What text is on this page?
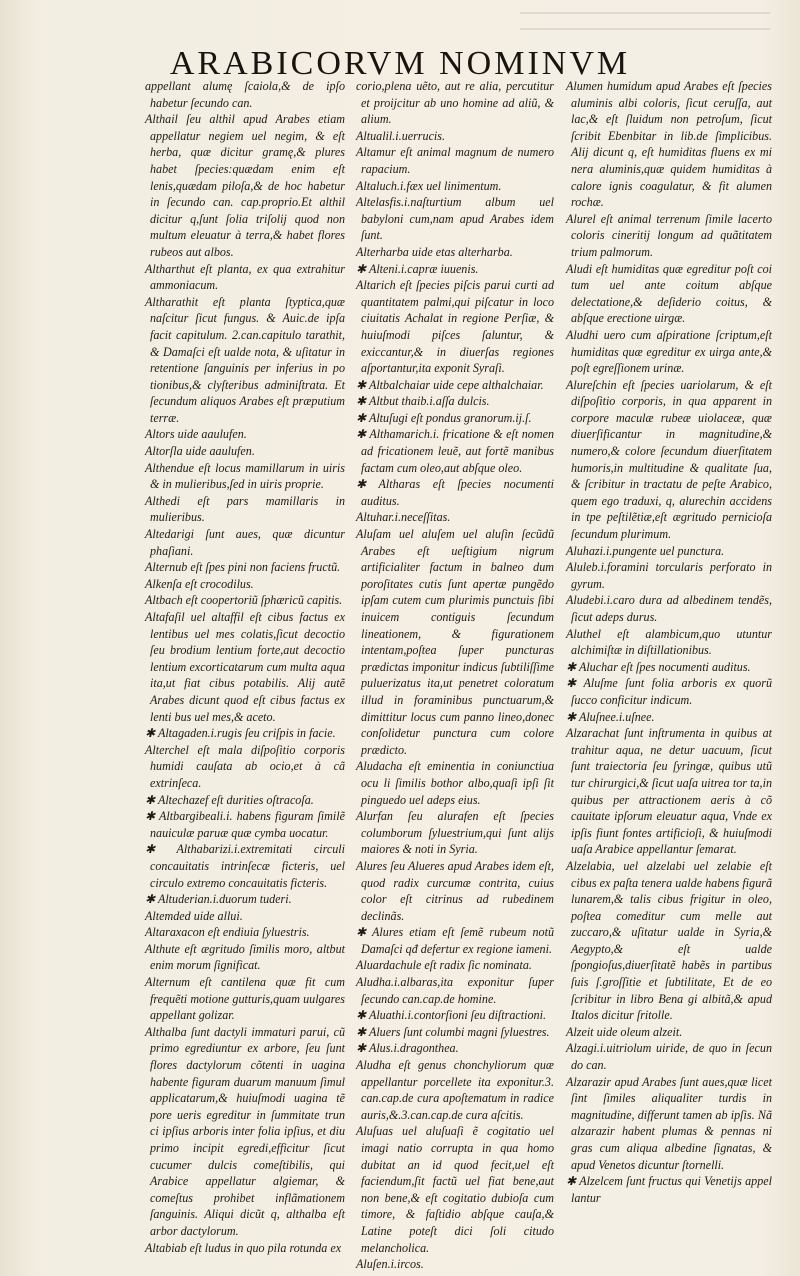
ARABICORVM NOMINVM

appellant alumę ſcaiola,& de ipſo habetur ſecundo can.

Althail ſeu althil apud Arabes etiam appellatur negiem uel negim, & eſt herba, quæ dicitur gramę,& plures habet ſpecies:quædam enim eſt lenis,quædam piloſa,& de hoc habetur in ſecundo can. cap.proprio.Et althil dicitur q,ſunt ſolia triſolij quod non multum eleuatur à terra,& habet flores rubeos aut albos.

Altharthut eſt planta, ex qua extrahitur ammoniacum.

Altharathit eſt planta ſtyptica,quæ naſcitur ſicut fungus. & Auic.de ipſa facit capitulum. 2.can.capitulo tarathit, & Damaſci eſt ualde nota, & uſitatur in retentione ſanguinis per inferius in po tionibus,& clyſteribus adminiſtrata. Et ſecundum aliquos Arabes eſt præputium terræ.

Altors uide aaulufen.

Altorſla uide aaulufen.

Althendue eſt locus mamillarum in uiris & in mulieribus,ſed in uiris proprie.

Althedi eſt pars mamillaris in mulieribus.

Altedarigi ſunt aues, quæ dicuntur phaſiani.

Alternub eſt ſpes pini non faciens fructũ.

Alkenſa eſt crocodilus.

Altbach eſt coopertoriũ ſphæricũ capitis.

Altafaſil uel altaffil eſt cibus factus ex lentibus uel mes colatis,ſicut decoctio ſeu brodium lentium forte,aut decoctio lentium excorticatarum cum multa aqua ita,ut fiat cibus potabilis. Alij autẽ Arabes dicunt quod eſt cibus factus ex lenti bus uel mes,& aceto.

✱ Altagaden.i.rugis ſeu criſpis in facie.

Alterchel eſt mala diſpoſitio corporis humidi cauſata ab ocio,et à cã extrinſeca.

✱ Altechazef eſt durities oſtracoſa.

✱ Altbargibeali.i. habens figuram ſimilẽ nauiculæ paruæ quæ cymba uocatur.

✱ Althabarizi.i.extremitati circuli concauitatis intrinſecæ ficteris, uel circulo extremo concauitatis ficteris.

✱ Altuderian.i.duorum tuderi.

Altemded uide allui.

Altaraxacon eſt endiuia ſyluestris.

Althute eſt ægritudo ſimilis moro, altbut enim morum ſignificat.

Alternum eſt cantilena quæ fit cum frequẽti motione gutturis,quam uulgares appellant golizar.

Althalba ſunt dactyli immaturi parui, cũ primo egrediuntur ex arbore, ſeu ſunt flores dactylorum cõtenti in uagina habente figuram duarum manuum ſimul applicatarum,& huiuſmodi uagina tẽ pore ueris egreditur in ſummitate trun ci ipſius arboris inter folia ipſius, et diu primo incipit egredi,efficitur ſicut cucumer dulcis comeſtibilis, qui Arabice appellatur algiemar, & comeſtus prohibet inflãmationem ſanguinis. Aliqui dicũt q, althalba eſt arbor dactylorum.

Altabiab eſt ludus in quo pila rotunda ex

corio,plena uẽto, aut re alia, percutitur et proijcitur ab uno homine ad aliũ, & alium.

Altualil.i.uerrucis.

Altamur eſt animal magnum de numero rapacium.

Altaluch.i.fæx uel linimentum.

Altelasfis.i.naſturtium album uel babyloni cum,nam apud Arabes idem ſunt.

Alterharba uide etas alterharba.

✱ Alteni.i.capræ iuuenis.

Altarich eſt ſpecies piſcis parui curti ad quantitatem palmi,qui piſcatur in loco ciuitatis Achalat in regione Perſiæ, & huiuſmodi piſces ſaluntur, & exiccantur,& in diuerſas regiones aſportantur,ita exponit Syraſi.

✱ Altbalchaiar uide cepe althalchaiar.

✱ Altbut thaib.i.aſſa dulcis.

✱ Altuſugi eſt pondus granorum.ij.ſ.

✱ Althamarich.i. fricatione & eſt nomen ad fricationem leuẽ, aut fortẽ manibus factam cum oleo,aut abſque oleo.

✱ Altharas eſt ſpecies nocumenti auditus.

Altuhar.i.neceſſitas.

Aluſam uel aluſem uel aluſin ſecũdũ Arabes eſt ueſtigium nigrum artificialiter factum in balneo dum poroſitates cutis ſunt apertæ pungẽdo ipſam cutem cum plurimis punctuis ſibi inuicem contiguis ſecundum lineationem, & figurationem intentam,poſtea ſuper puncturas prædictas imponitur indicus ſubtiliſſime puluerizatus ita,ut penetret coloratum illud in foraminibus punctuarum,& dimittitur locus cum panno lineo,donec conſolidetur punctura cum colore prædicto.

Aludacha eſt eminentia in coniunctiua ocu li ſimilis bothor albo,quaſi ipſi ſit pinguedo uel adeps eius.

Alurfan ſeu alurafen eſt ſpecies columborum ſyluestrium,qui ſunt alijs maiores & noti in Syria.

Alures ſeu Alueres apud Arabes idem eſt, quod radix curcumæ contrita, cuius color eſt citrinus ad rubedinem declinãs.

✱ Alures etiam eſt ſemẽ rubeum notũ Damaſci qđ defertur ex regione iameni.

Aluardachule eſt radix ſic nominata.

Aludha.i.albaras,ita exponitur ſuper ſecundo can.cap.de homine.

✱ Aluathi.i.contorſioni ſeu diſtractioni.

✱ Aluers ſunt columbi magni ſyluestres.

✱ Alus.i.dragonthea.

Aludha eſt genus chonchyliorum quæ appellantur porcellete ita exponitur.3. can.cap.de cura apoſtematum in radice auris,&.3.can.cap.de cura aſcitis.

Aluſuas uel aluſuaſi ẽ cogitatio uel imagi natio corrupta in qua homo dubitat an id quod fecit,uel eſt faciendum,ſit factũ uel fiat bene,aut non bene,& eſt cogitatio dubioſa cum timore, & faſtidio abſque cauſa,& Latine poteſt dici ſoli citudo melancholica.

Aluſen.i.ircos.

Alumen humidum apud Arabes eſt ſpecies aluminis albi coloris, ſicut ceruſſa, aut lac,& eſt ſluidum non petroſum, ſicut ſcribit Ebenbitar in lib.de ſimplicibus. Alij dicunt q, eſt humiditas fluens ex mi nera aluminis,quæ quidem humiditas à calore ignis coagulatur, & fit alumen rochæ.

Alurel eſt animal terrenum ſimile lacerto coloris cineritij longum ad quãtitatem trium palmorum.

Aludi eſt humiditas quæ egreditur poſt coi tum uel ante coitum abſque delectatione,& deſiderio coitus, & abſque erectione uirgæ.

Aludhi uero cum aſpiratione ſcriptum,eſt humiditas quæ egreditur ex uirga ante,& poſt egreſſionem urinæ.

Alureſchin eſt ſpecies uariolarum, & eſt diſpoſitio corporis, in qua apparent in corpore maculæ rubeæ uiolaceæ, quæ diuerſificantur in magnitudine,& numero,& colore ſecundum diuerſitatem humoris,in multitudine & qualitate ſua, & ſcribitur in tractatu de peſte Arabico, quem ego traduxi, q, alurechin accidens in tpe peſtilẽtiæ,eſt ægritudo pernicioſa ſecundum plurimum.

Aluhazi.i.pungente uel punctura.

Aluleb.i.foramini torcularis perforato in gyrum.

Aludebi.i.caro dura ad albedinem tendẽs, ſicut adeps durus.

Aluthel eſt alambicum,quo utuntur alchimiſtæ in diſtillationibus.

✱ Aluchar eſt ſpes nocumenti auditus.

✱ Aluſme ſunt folia arboris ex quorũ ſucco conficitur indicum.

✱ Aluſnee.i.uſnee.

Alzarachat ſunt inſtrumenta in quibus at trahitur aqua, ne detur uacuum, ſicut ſunt traiectoria ſeu ſyringæ, quibus utũ tur chirurgici,& ſicut uaſa uitrea tor ta,in quibus per attractionem aeris à cõ cauitate ipſorum eleuatur aqua, Vnde ex ipſis fiunt fontes artificioſi, & huiuſmodi uaſa Arabice appellantur ſemarat.

Alzelabia, uel alzelabi uel zelabie eſt cibus ex paſta tenera ualde habens figurã lunarem,& talis cibus frigitur in oleo, poſtea comeditur cum melle aut zuccaro,& uſitatur ualde in Syria,& Aegypto,& eſt ualde ſpongioſus,diuerſitatẽ habẽs in partibus ſuis ſ.groſſitie et ſubtilitate, Et de eo ſcribitur in libro Bena gi albitã,& apud Italos dicitur ſritolle.

Alzeit uide oleum alzeit.

Alzagi.i.uitriolum uiride, de quo in ſecun do can.

Alzarazir apud Arabes ſunt aues,quæ licet ſint ſimiles aliqualiter turdis in magnitudine, differunt tamen ab ipſis. Nã alzarazir habent plumas & pennas ni gras cum aliqua albedine ſignatas, & apud Venetos dicuntur ſtornelli.

✱ Alzelcem ſunt fructus qui Venetijs appel lantur
